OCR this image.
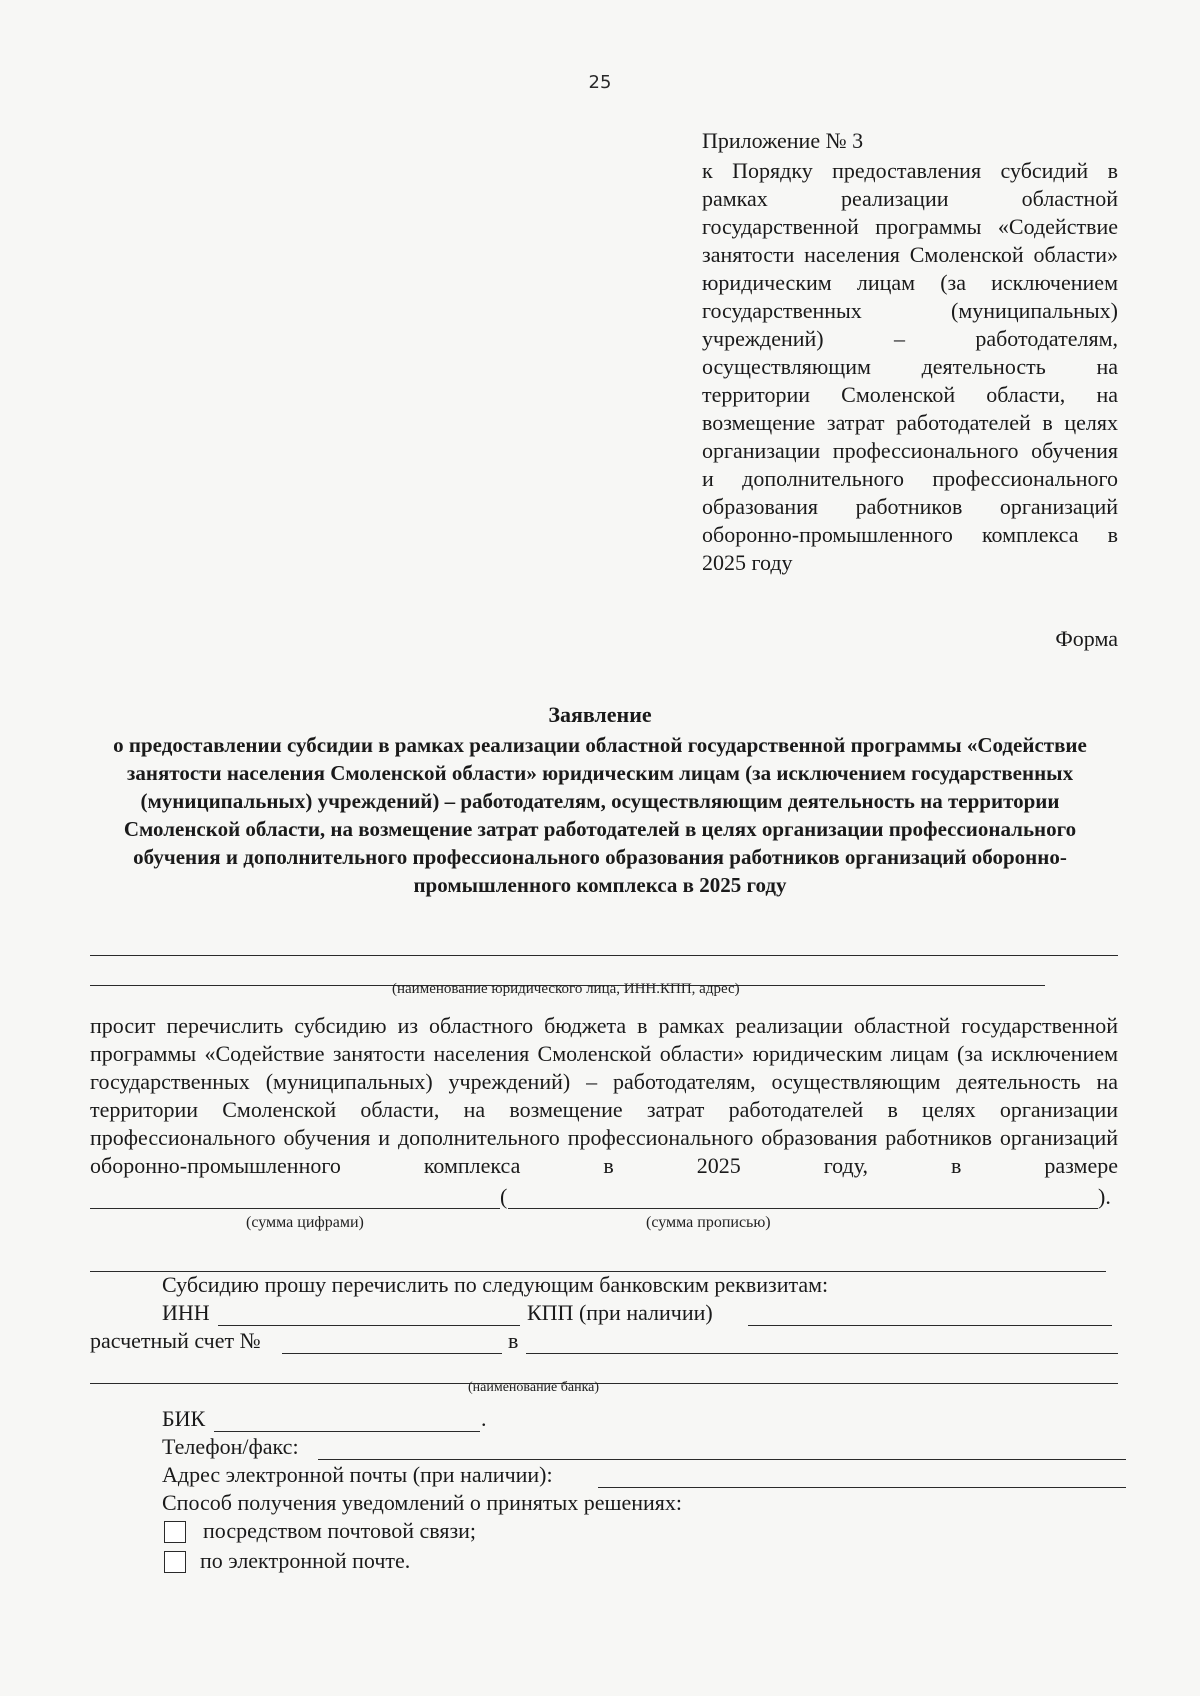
25
Приложение № 3
к Порядку предоставления субсидий в рамках реализации областной государственной программы «Содействие занятости населения Смоленской области» юридическим лицам (за исключением государственных (муниципальных) учреждений) – работодателям, осуществляющим деятельность на территории Смоленской области, на возмещение затрат работодателей в целях организации профессионального обучения и дополнительного профессионального образования работников организаций оборонно-промышленного комплекса в 2025 году
Форма
Заявление
о предоставлении субсидии в рамках реализации областной государственной программы «Содействие занятости населения Смоленской области» юридическим лицам (за исключением государственных (муниципальных) учреждений) – работодателям, осуществляющим деятельность на территории Смоленской области, на возмещение затрат работодателей в целях организации профессионального обучения и дополнительного профессионального образования работников организаций оборонно-промышленного комплекса в 2025 году
(наименование юридического лица, ИНН.КПП, адрес)
просит перечислить субсидию из областного бюджета в рамках реализации областной государственной программы «Содействие занятости населения Смоленской области» юридическим лицам (за исключением государственных (муниципальных) учреждений) – работодателям, осуществляющим деятельность на территории Смоленской области, на возмещение затрат работодателей в целях организации профессионального обучения и дополнительного профессионального образования работников организаций оборонно-промышленного комплекса в 2025 году, в размере
(	).
(сумма цифрами)	(сумма прописью)
Субсидию прошу перечислить по следующим банковским реквизитам:
ИНН	КПП (при наличии)
расчетный счет №	в
(наименование банка)
БИК	.
Телефон/факс:
Адрес электронной почты (при наличии):
Способ получения уведомлений о принятых решениях:
посредством почтовой связи;
по электронной почте.
